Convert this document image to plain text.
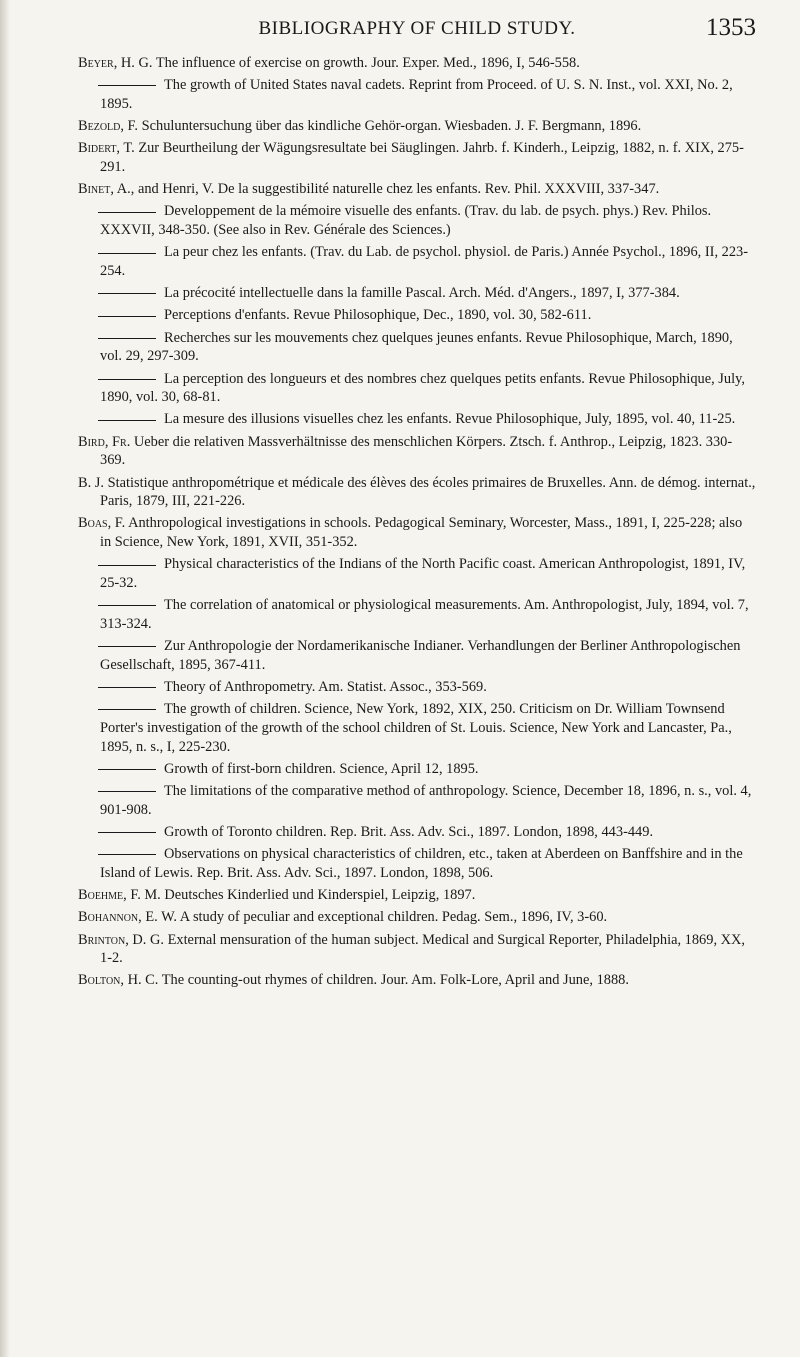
BIBLIOGRAPHY OF CHILD STUDY.	1353

Beyer, H. G. The influence of exercise on growth. Jour. Exper. Med., 1896, I, 546-558.

The growth of United States naval cadets. Reprint from Proceed. of U. S. N. Inst., vol. XXI, No. 2, 1895.

Bezold, F. Schuluntersuchung über das kindliche Gehör-organ. Wiesbaden. J. F. Bergmann, 1896.

Bidert, T. Zur Beurtheilung der Wägungsresultate bei Säuglingen. Jahrb. f. Kinderh., Leipzig, 1882, n. f. XIX, 275-291.

Binet, A., and Henri, V. De la suggestibilité naturelle chez les enfants. Rev. Phil. XXXVIII, 337-347.

Developpement de la mémoire visuelle des enfants. (Trav. du lab. de psych. phys.) Rev. Philos. XXXVII, 348-350. (See also in Rev. Générale des Sciences.)

La peur chez les enfants. (Trav. du Lab. de psychol. physiol. de Paris.) Année Psychol., 1896, II, 223-254.

La précocité intellectuelle dans la famille Pascal. Arch. Méd. d'Angers., 1897, I, 377-384.

Perceptions d'enfants. Revue Philosophique, Dec., 1890, vol. 30, 582-611.

Recherches sur les mouvements chez quelques jeunes enfants. Revue Philosophique, March, 1890, vol. 29, 297-309.

La perception des longueurs et des nombres chez quelques petits enfants. Revue Philosophique, July, 1890, vol. 30, 68-81.

La mesure des illusions visuelles chez les enfants. Revue Philosophique, July, 1895, vol. 40, 11-25.

Bird, Fr. Ueber die relativen Massverhältnisse des menschlichen Körpers. Ztsch. f. Anthrop., Leipzig, 1823. 330-369.

B. J. Statistique anthropométrique et médicale des élèves des écoles primaires de Bruxelles. Ann. de démog. internat., Paris, 1879, III, 221-226.

Boas, F. Anthropological investigations in schools. Pedagogical Seminary, Worcester, Mass., 1891, I, 225-228; also in Science, New York, 1891, XVII, 351-352.

Physical characteristics of the Indians of the North Pacific coast. American Anthropologist, 1891, IV, 25-32.

The correlation of anatomical or physiological measurements. Am. Anthropologist, July, 1894, vol. 7, 313-324.

Zur Anthropologie der Nordamerikanische Indianer. Verhandlungen der Berliner Anthropologischen Gesellschaft, 1895, 367-411.

Theory of Anthropometry. Am. Statist. Assoc., 353-569.

The growth of children. Science, New York, 1892, XIX, 250. Criticism on Dr. William Townsend Porter's investigation of the growth of the school children of St. Louis. Science, New York and Lancaster, Pa., 1895, n. s., I, 225-230.

Growth of first-born children. Science, April 12, 1895.

The limitations of the comparative method of anthropology. Science, December 18, 1896, n. s., vol. 4, 901-908.

Growth of Toronto children. Rep. Brit. Ass. Adv. Sci., 1897. London, 1898, 443-449.

Observations on physical characteristics of children, etc., taken at Aberdeen on Banffshire and in the Island of Lewis. Rep. Brit. Ass. Adv. Sci., 1897. London, 1898, 506.

Boehme, F. M. Deutsches Kinderlied und Kinderspiel, Leipzig, 1897.

Bohannon, E. W. A study of peculiar and exceptional children. Pedag. Sem., 1896, IV, 3-60.

Brinton, D. G. External mensuration of the human subject. Medical and Surgical Reporter, Philadelphia, 1869, XX, 1-2.

Bolton, H. C. The counting-out rhymes of children. Jour. Am. Folk-Lore, April and June, 1888.
